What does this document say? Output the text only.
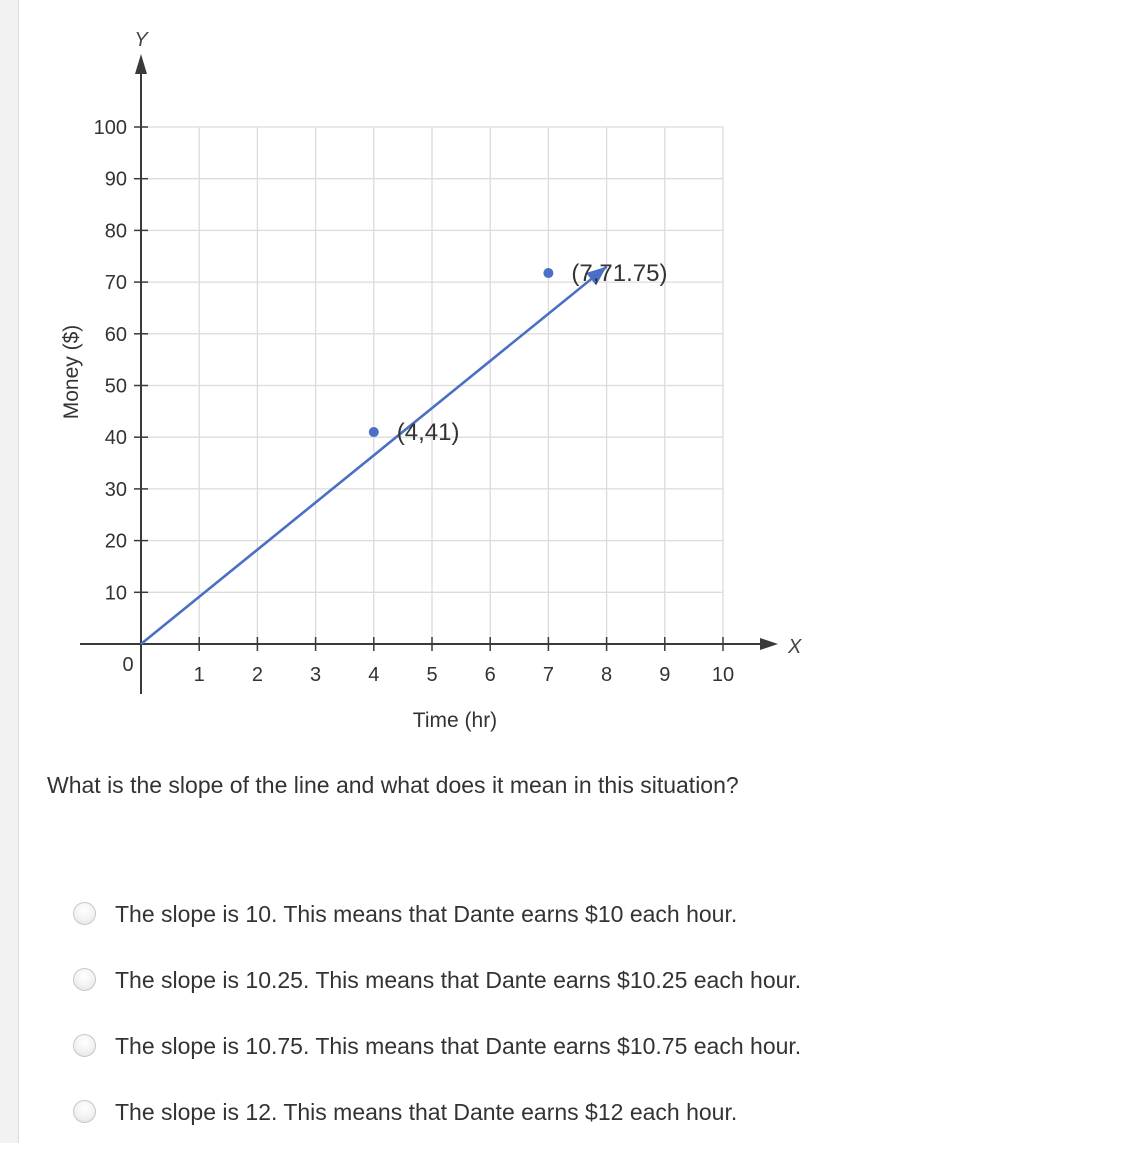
X
Y
1 2 3 4 5 6 7 8 9 10
10
20
30
40
50
60
70
80
90
100
0
Time (hr)
Money ($)
(4,41)
(7,71.75)
What is the slope of the line and what does it mean in this situation?
The slope is 10. This means that Dante earns $10 each hour.
The slope is 10.25. This means that Dante earns $10.25 each hour.
The slope is 10.75. This means that Dante earns $10.75 each hour.
The slope is 12. This means that Dante earns $12 each hour.
